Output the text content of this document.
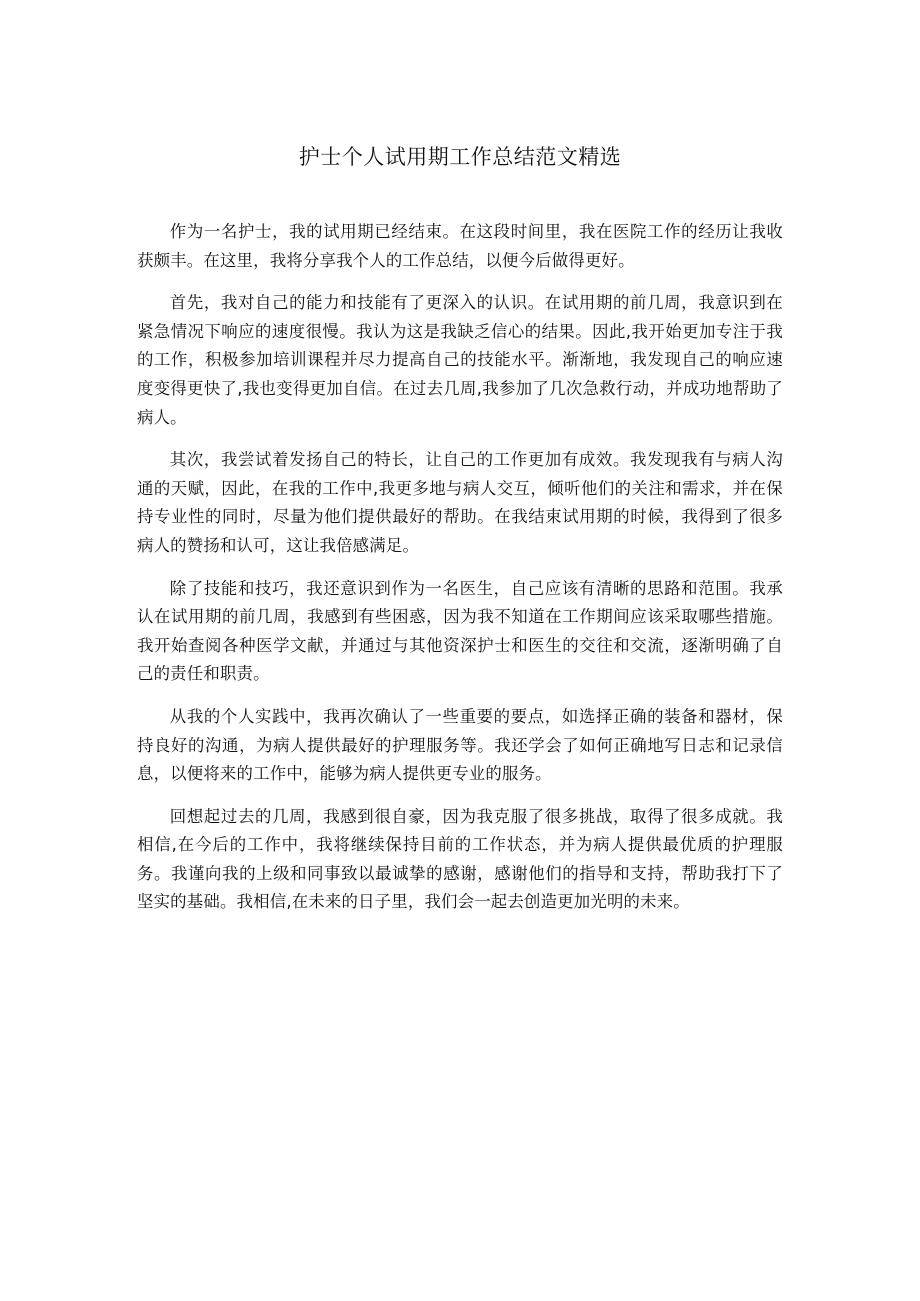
护士个人试用期工作总结范文精选

作为一名护士，我的试用期已经结束。在这段时间里，我在医院工作的经历让我收获颇丰。在这里，我将分享我个人的工作总结，以便今后做得更好。

首先，我对自己的能力和技能有了更深入的认识。在试用期的前几周，我意识到在紧急情况下响应的速度很慢。我认为这是我缺乏信心的结果。因此,我开始更加专注于我的工作，积极参加培训课程并尽力提高自己的技能水平。渐渐地，我发现自己的响应速度变得更快了,我也变得更加自信。在过去几周,我参加了几次急救行动，并成功地帮助了病人。

其次，我尝试着发扬自己的特长，让自己的工作更加有成效。我发现我有与病人沟通的天赋，因此，在我的工作中,我更多地与病人交互，倾听他们的关注和需求，并在保持专业性的同时，尽量为他们提供最好的帮助。在我结束试用期的时候，我得到了很多病人的赞扬和认可，这让我倍感满足。

除了技能和技巧，我还意识到作为一名医生，自己应该有清晰的思路和范围。我承认在试用期的前几周，我感到有些困惑，因为我不知道在工作期间应该采取哪些措施。我开始查阅各种医学文献，并通过与其他资深护士和医生的交往和交流，逐渐明确了自己的责任和职责。

从我的个人实践中，我再次确认了一些重要的要点，如选择正确的装备和器材，保持良好的沟通，为病人提供最好的护理服务等。我还学会了如何正确地写日志和记录信息，以便将来的工作中，能够为病人提供更专业的服务。

回想起过去的几周，我感到很自豪，因为我克服了很多挑战，取得了很多成就。我相信,在今后的工作中，我将继续保持目前的工作状态，并为病人提供最优质的护理服务。我谨向我的上级和同事致以最诚挚的感谢，感谢他们的指导和支持，帮助我打下了坚实的基础。我相信,在未来的日子里，我们会一起去创造更加光明的未来。
